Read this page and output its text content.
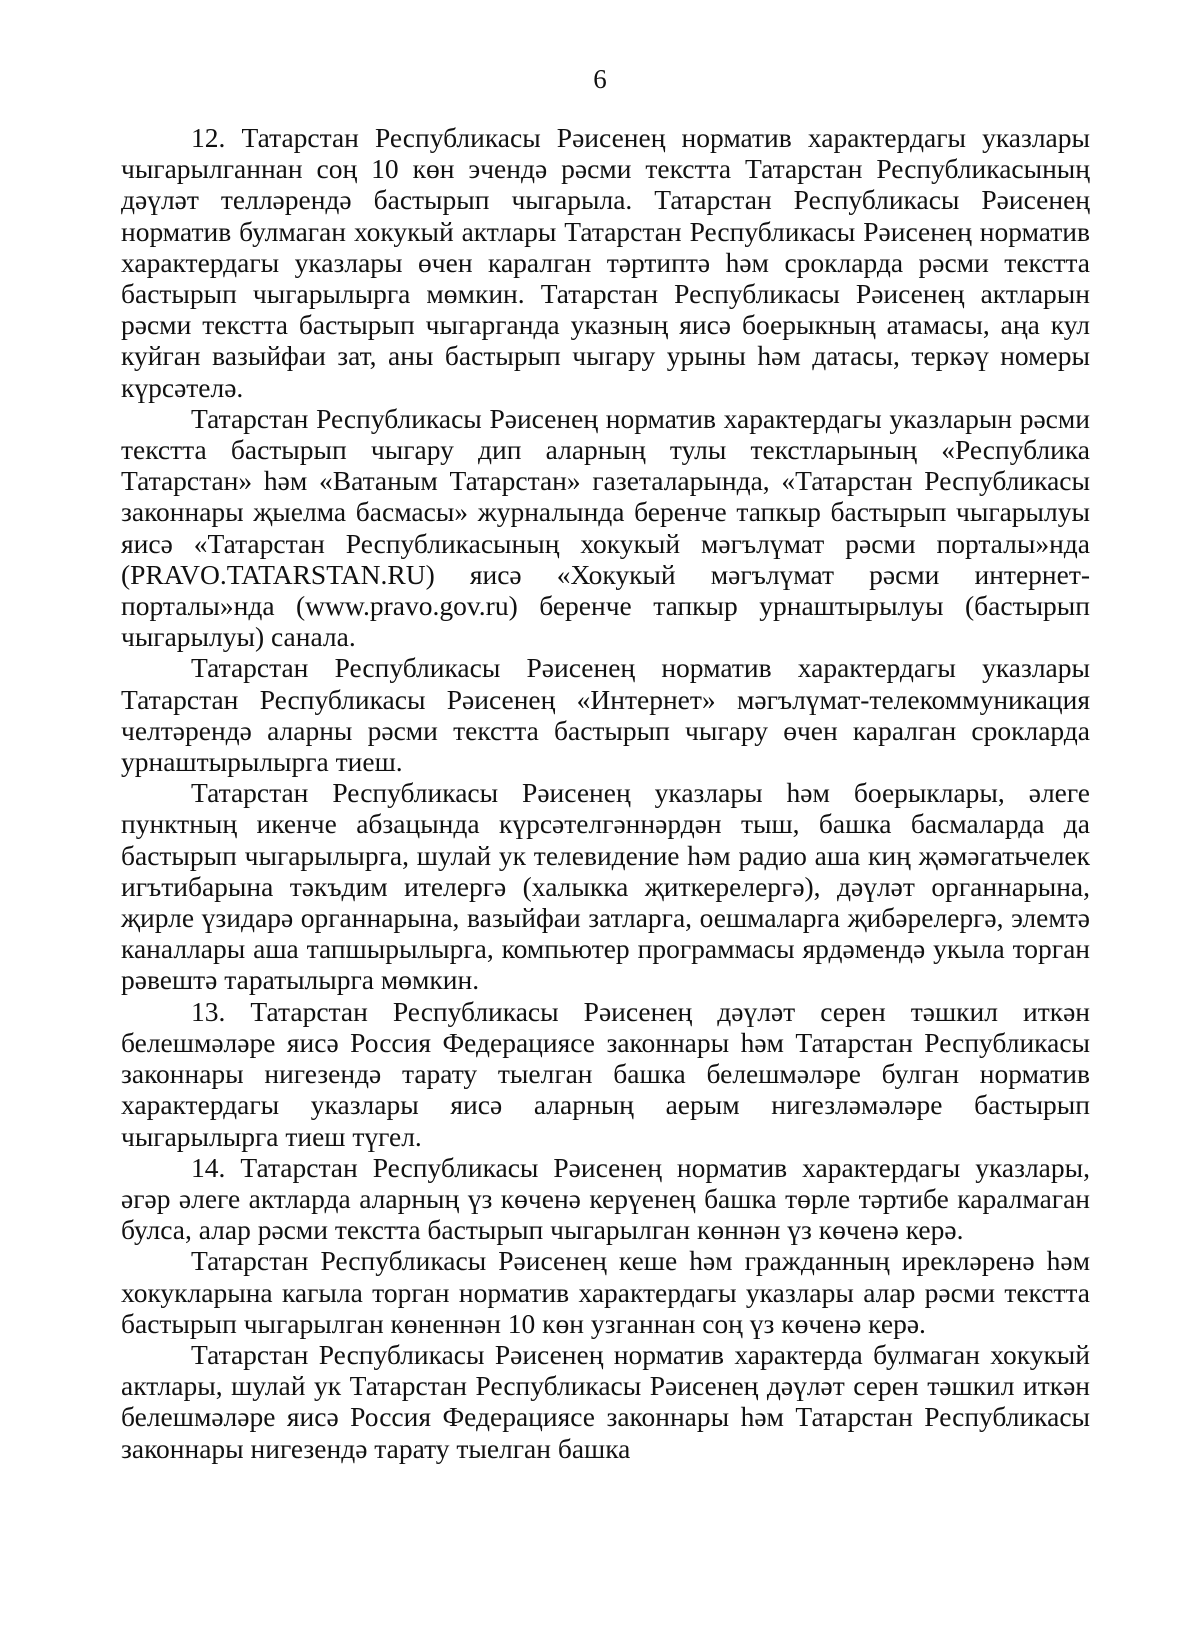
6

12. Татарстан Республикасы Рәисенең норматив характердагы указлары чыгарылганнан соң 10 көн эчендә рәсми текстта Татарстан Республикасының дәүләт телләрендә бастырып чыгарыла. Татарстан Республикасы Рәисенең норматив булмаган хокукый актлары Татарстан Республикасы Рәисенең норматив характердагы указлары өчен каралган тәртиптә һәм срокларда рәсми текстта бастырып чыгарылырга мөмкин. Татарстан Республикасы Рәисенең актларын рәсми текстта бастырып чыгарганда указның яисә боерыкның атамасы, аңа кул куйган вазыйфаи зат, аны бастырып чыгару урыны һәм датасы, теркәү номеры күрсәтелә.

Татарстан Республикасы Рәисенең норматив характердагы указларын рәсми текстта бастырып чыгару дип аларның тулы текстларының «Республика Татарстан» һәм «Ватаным Татарстан» газеталарында, «Татарстан Республикасы законнары җыелма басмасы» журналында беренче тапкыр бастырып чыгарылуы яисә «Татарстан Республикасының хокукый мәгълүмат рәсми порталы»нда (PRAVO.TATARSTAN.RU) яисә «Хокукый мәгълүмат рәсми интернет-порталы»нда (www.pravo.gov.ru) беренче тапкыр урнаштырылуы (бастырып чыгарылуы) санала.

Татарстан Республикасы Рәисенең норматив характердагы указлары Татарстан Республикасы Рәисенең «Интернет» мәгълүмат-телекоммуникация челтәрендә аларны рәсми текстта бастырып чыгару өчен каралган срокларда урнаштырылырга тиеш.

Татарстан Республикасы Рәисенең указлары һәм боерыклары, әлеге пунктның икенче абзацында күрсәтелгәннәрдән тыш, башка басмаларда да бастырып чыгарылырга, шулай ук телевидение һәм радио аша киң җәмәгатьчелек игътибарына тәкъдим ителергә (халыкка җиткерелергә), дәүләт органнарына, җирле үзидарә органнарына, вазыйфаи затларга, оешмаларга җибәрелергә, элемтә каналлары аша тапшырылырга, компьютер программасы ярдәмендә укыла торган рәвештә таратылырга мөмкин.

13. Татарстан Республикасы Рәисенең дәүләт серен тәшкил иткән белешмәләре яисә Россия Федерациясе законнары һәм Татарстан Республикасы законнары нигезендә тарату тыелган башка белешмәләре булган норматив характердагы указлары яисә аларның аерым нигезләмәләре бастырып чыгарылырга тиеш түгел.

14. Татарстан Республикасы Рәисенең норматив характердагы указлары, әгәр әлеге актларда аларның үз көченә керүенең башка төрле тәртибе каралмаган булса, алар рәсми текстта бастырып чыгарылган көннән үз көченә керә.

Татарстан Республикасы Рәисенең кеше һәм гражданның ирекләренә һәм хокукларына кагыла торган норматив характердагы указлары алар рәсми текстта бастырып чыгарылган көненнән 10 көн узганнан соң үз көченә керә.

Татарстан Республикасы Рәисенең норматив характерда булмаган хокукый актлары, шулай ук Татарстан Республикасы Рәисенең дәүләт серен тәшкил иткән белешмәләре яисә Россия Федерациясе законнары һәм Татарстан Республикасы законнары нигезендә тарату тыелган башка
